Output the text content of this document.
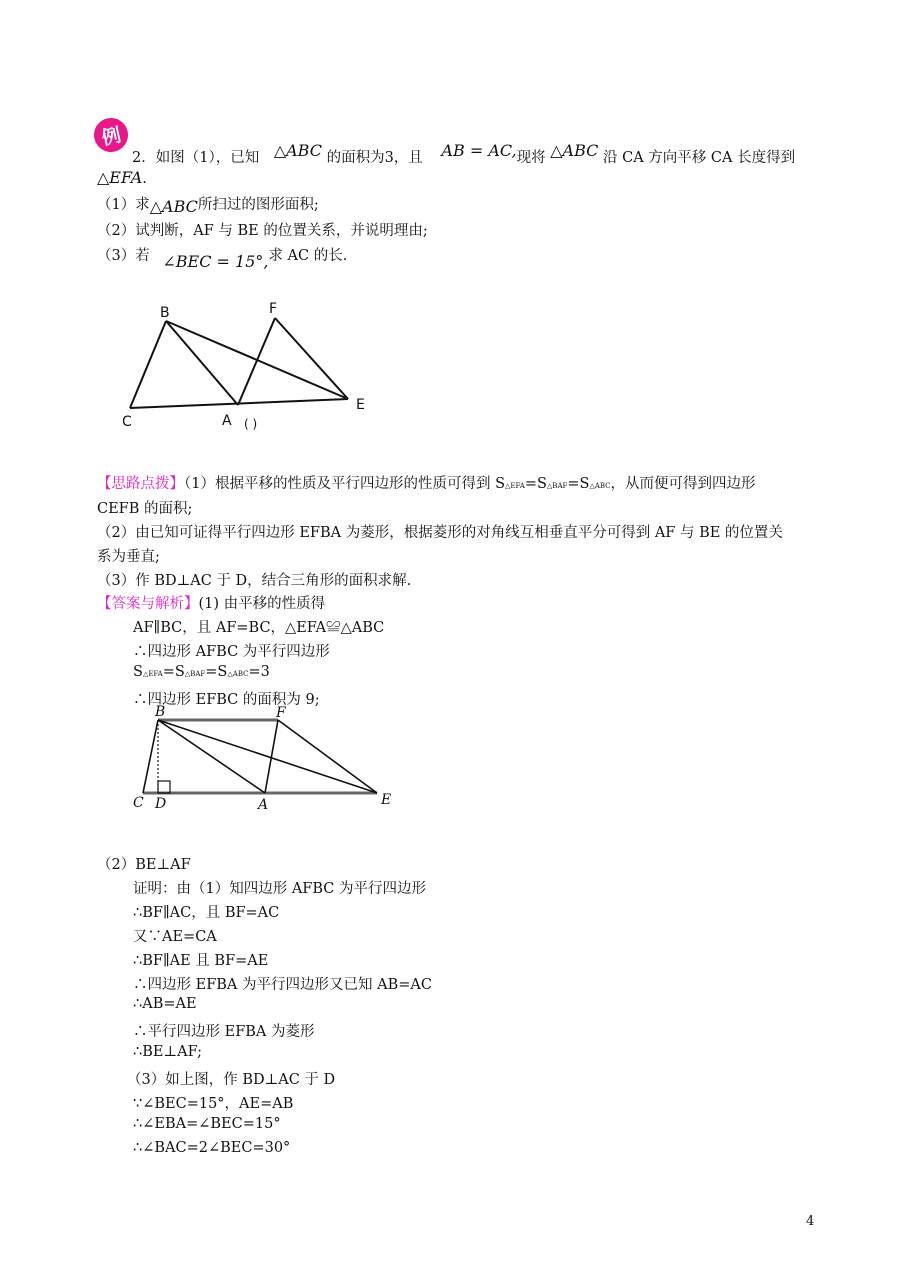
例
2．如图（1），已知 △ABC 的面积为3，且 AB = AC,现将 △ABC 沿 CA 方向平移 CA 长度得到
△EFA.
（1）求△ABC所扫过的图形面积;
（2）试判断，AF 与 BE 的位置关系，并说明理由;
（3）若 ∠BEC = 15°,求 AC 的长.
B	F
C	A
E
( )
【思路点拨】（1）根据平移的性质及平行四边形的性质可得到 S△EFA=S△BAF=S△ABC，从而便可得到四边形
CEFB 的面积;
（2）由已知可证得平行四边形 EFBA 为菱形，根据菱形的对角线互相垂直平分可得到 AF 与 BE 的位置关
系为垂直;
（3）作 BD⊥AC 于 D，结合三角形的面积求解.
【答案与解析】(1) 由平移的性质得
AF∥BC，且 AF=BC，△EFA≌△ABC
∴四边形 AFBC 为平行四边形
S△EFA=S△BAF=S△ABC=3
∴四边形 EFBC 的面积为 9;
B	F
C D	A	E
（2）BE⊥AF
证明：由（1）知四边形 AFBC 为平行四边形
∴BF∥AC，且 BF=AC
又∵AE=CA
∴BF∥AE 且 BF=AE
∴四边形 EFBA 为平行四边形又已知 AB=AC
∴AB=AE
∴平行四边形 EFBA 为菱形
∴BE⊥AF;
（3）如上图，作 BD⊥AC 于 D
∵∠BEC=15°，AE=AB
∴∠EBA=∠BEC=15°
∴∠BAC=2∠BEC=30°
4
